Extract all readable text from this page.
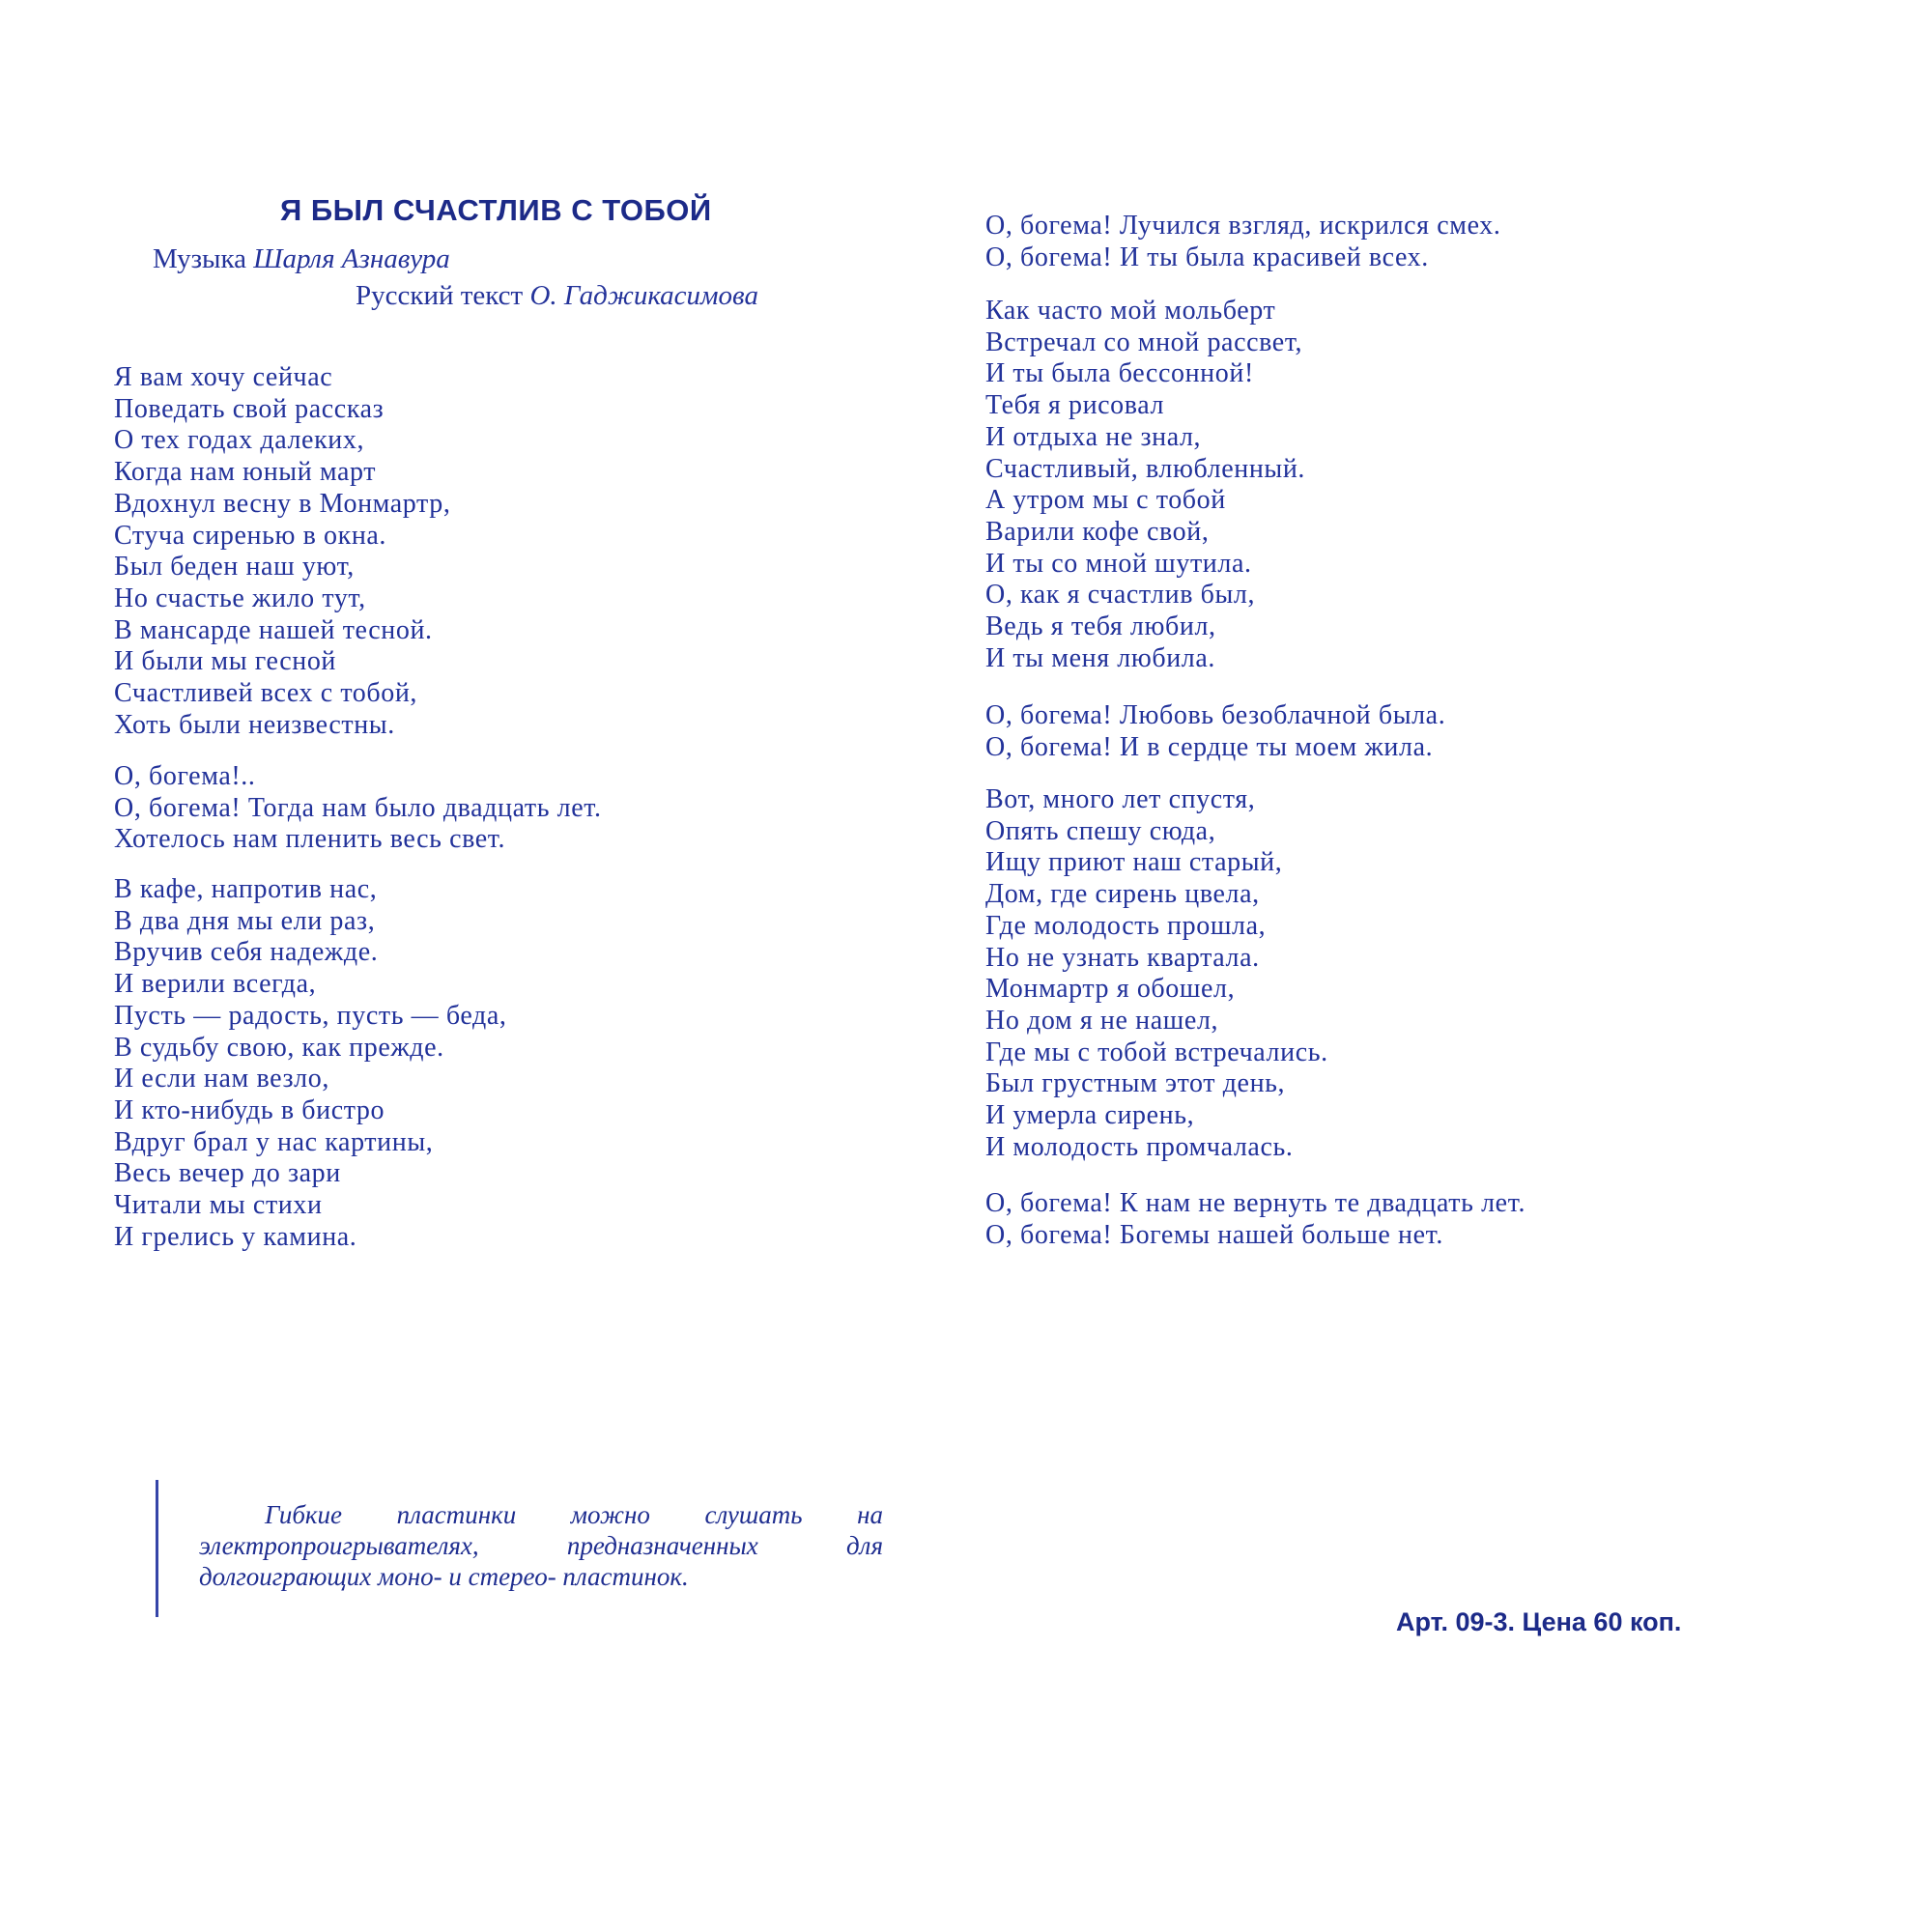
Я БЫЛ СЧАСТЛИВ С ТОБОЙ
Музыка Шарля Азнавура
Русский текст О. Гаджикасимова
Я вам хочу сейчас
Поведать свой рассказ
О тех годах далеких,
Когда нам юный март
Вдохнул весну в Монмартр,
Стуча сиренью в окна.
Был беден наш уют,
Но счастье жило тут,
В мансарде нашей тесной.
И были мы гесной
Счастливей всех с тобой,
Хоть были неизвестны.
О, богема!..
О, богема! Тогда нам было двадцать лет.
Хотелось нам пленить весь свет.
В кафе, напротив нас,
В два дня мы ели раз,
Вручив себя надежде.
И верили всегда,
Пусть — радость, пусть — беда,
В судьбу свою, как прежде.
И если нам везло,
И кто-нибудь в бистро
Вдруг брал у нас картины,
Весь вечер до зари
Читали мы стихи
И грелись у камина.
О, богема! Лучился взгляд, искрился смех.
О, богема! И ты была красивей всех.
Как часто мой мольберт
Встречал со мной рассвет,
И ты была бессонной!
Тебя я рисовал
И отдыха не знал,
Счастливый, влюбленный.
А утром мы с тобой
Варили кофе свой,
И ты со мной шутила.
О, как я счастлив был,
Ведь я тебя любил,
И ты меня любила.
О, богема! Любовь безоблачной была.
О, богема! И в сердце ты моем жила.
Вот, много лет спустя,
Опять спешу сюда,
Ищу приют наш старый,
Дом, где сирень цвела,
Где молодость прошла,
Но не узнать квартала.
Монмартр я обошел,
Но дом я не нашел,
Где мы с тобой встречались.
Был грустным этот день,
И умерла сирень,
И молодость промчалась.
О, богема! К нам не вернуть те двадцать лет.
О, богема! Богемы нашей больше нет.
Гибкие пластинки можно слушать на электропроигрывателях, предназначенных для долгоиграющих моно- и стерео- пластинок.
Арт. 09-3. Цена 60 коп.
